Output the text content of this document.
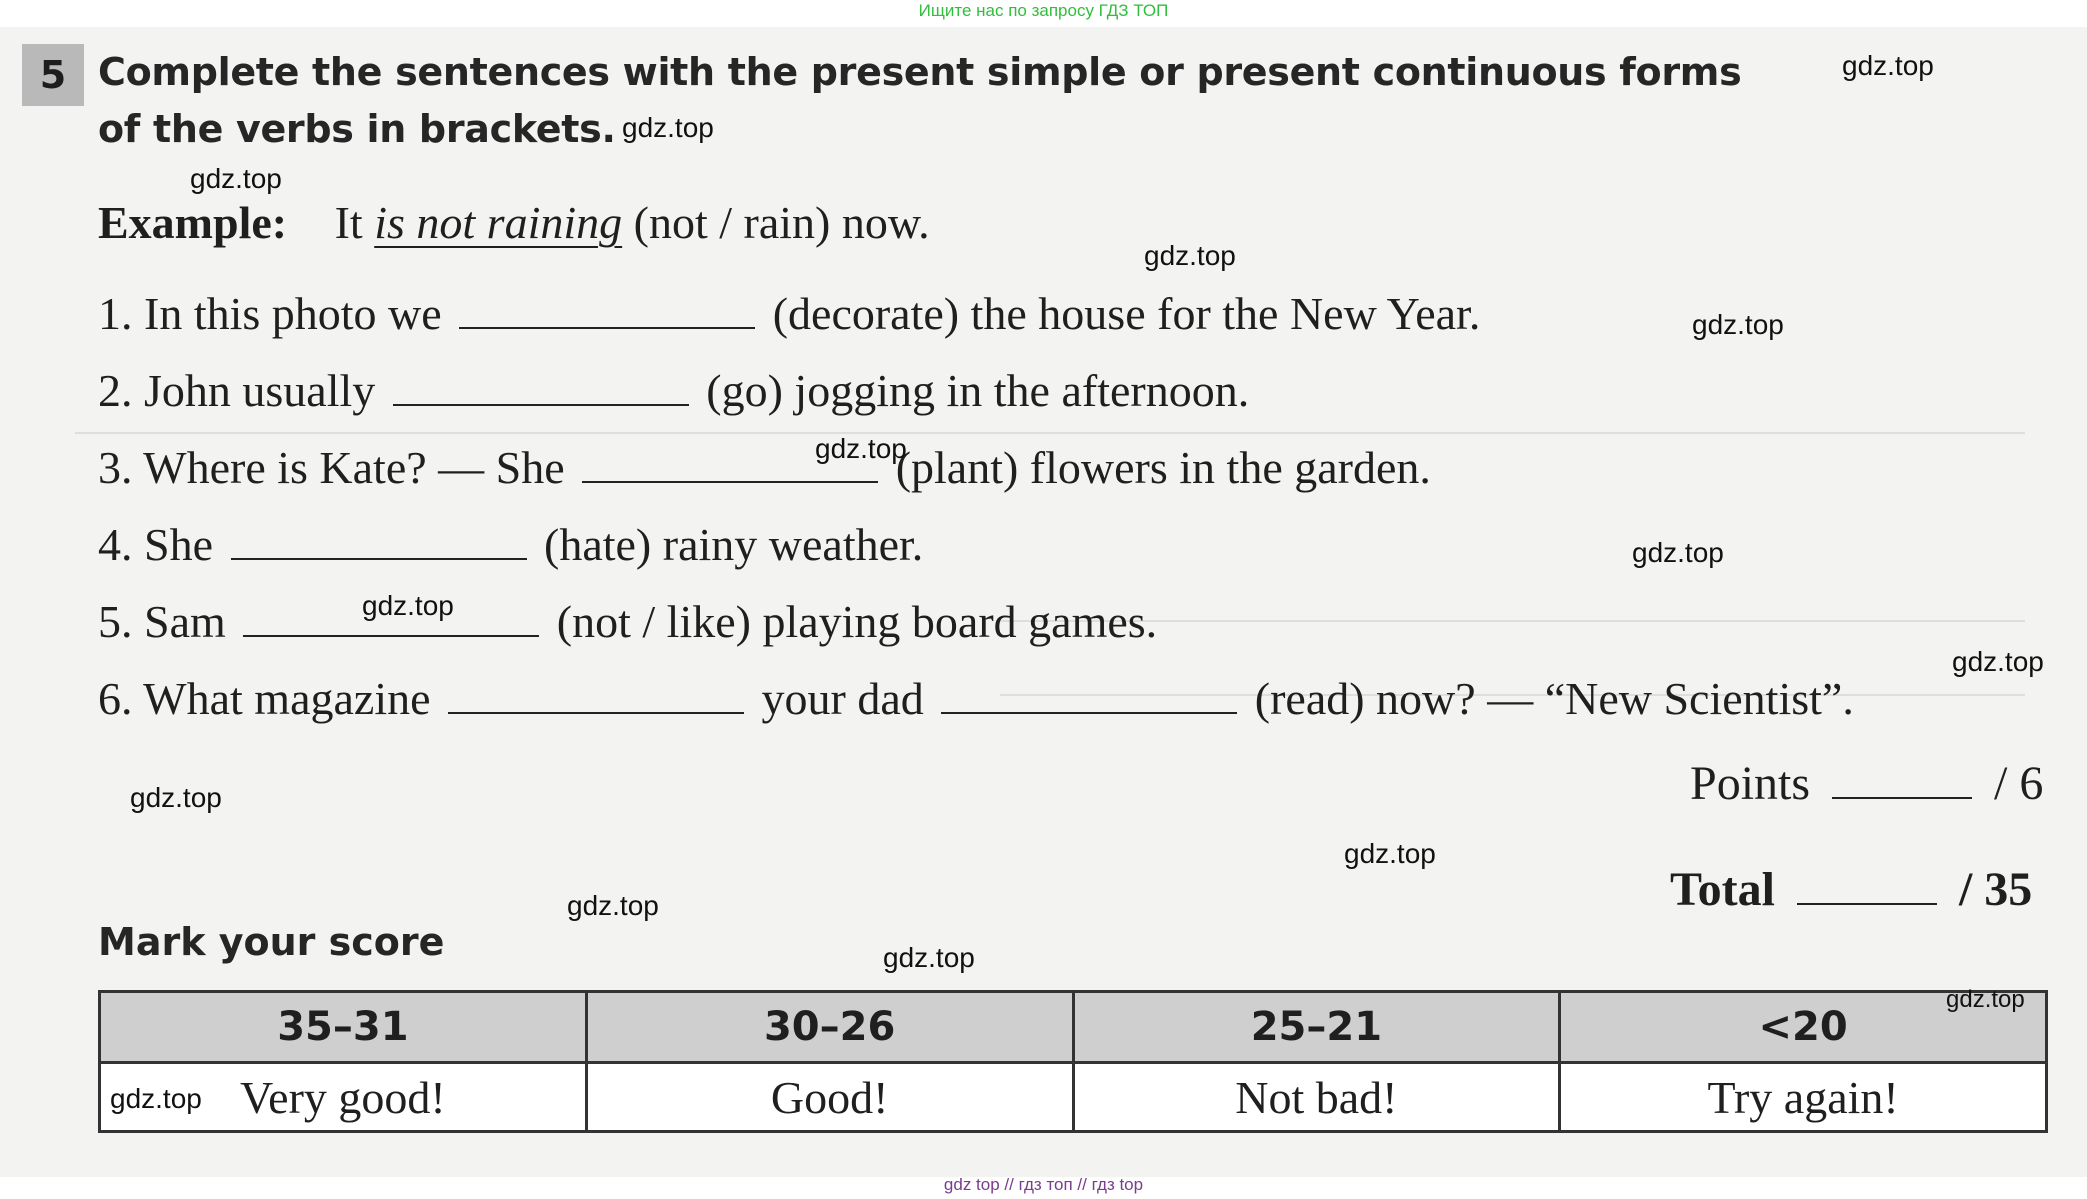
Ищите нас по запросу ГДЗ ТОП
5 Complete the sentences with the present simple or present continuous forms
of the verbs in brackets.
Example: It is not raining (not / rain) now.
1. In this photo we	(decorate) the house for the New Year.
2. John usually	(go) jogging in the afternoon.
3. Where is Kate? — She	(plant) flowers in the garden.
4. She	(hate) rainy weather.
5. Sam	(not / like) playing board games.
6. What magazine	your dad	(read) now? — “New Scientist”.
Points	/ 6
Total	/ 35
Mark your score
35–31	30–26	25–21	<20
Very good!	Good!	Not bad!	Try again!
gdz.top
gdz.top
gdz.top
gdz.top
gdz.top
gdz.top
gdz.top
gdz.top
gdz.top
gdz.top
gdz.top
gdz.top
gdz.top
gdz.top
gdz.top
gdz top // гдз топ // гдз top
